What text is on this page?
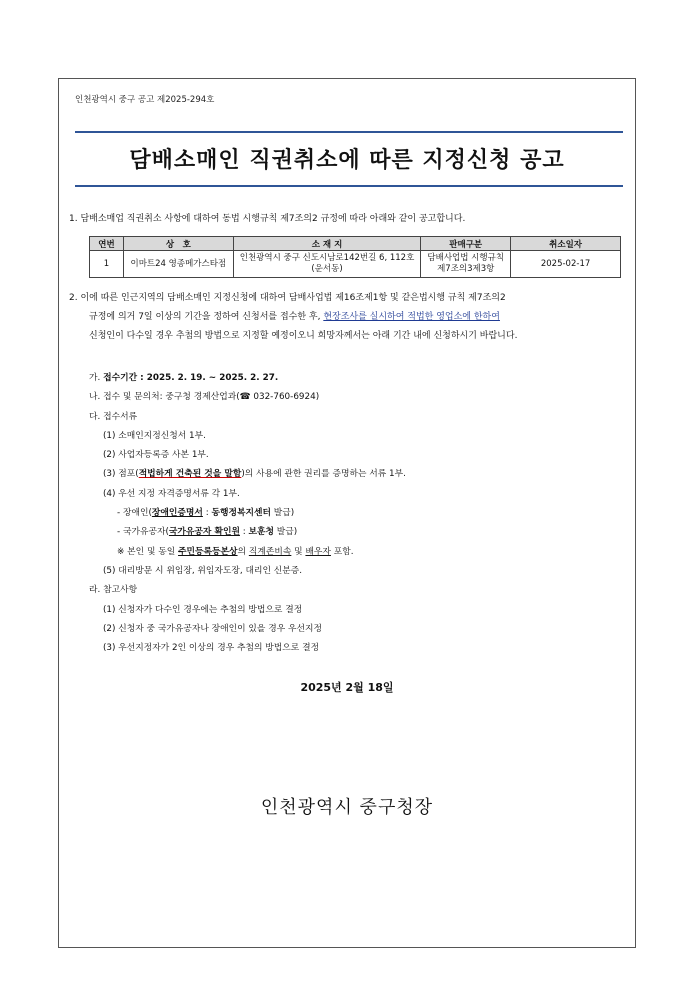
인천광역시 중구 공고 제2025-294호
담배소매인 직권취소에 따른 지정신청 공고
1. 담배소매업 직권취소 사항에 대하여 동법 시행규칙 제7조의2 규정에 따라 아래와 같이 공고합니다.
연번	상　호	소 재 지	판매구분	취소일자
1	이마트24 영종메가스타점	인천광역시 중구 신도시남로142번길 6, 112호 (운서동)	담배사업법 시행규칙 제7조의3제3항	2025-02-17
2. 이에 따른 인근지역의 담배소매인 지정신청에 대하여 담배사업법 제16조제1항 및 같은법시행 규칙 제7조의2
규정에 의거 7일 이상의 기간을 정하여 신청서를 접수한 후, 현장조사를 실시하여 적법한 영업소에 한하여
신청인이 다수일 경우 추첨의 방법으로 지정할 예정이오니 희망자께서는 아래 기간 내에 신청하시기 바랍니다.
가. 접수기간 : 2025. 2. 19. ~ 2025. 2. 27.
나. 접수 및 문의처: 중구청 경제산업과(☎ 032-760-6924)
다. 접수서류
(1) 소매인지정신청서 1부.
(2) 사업자등록증 사본 1부.
(3) 점포(적법하게 건축된 것을 말함)의 사용에 관한 권리를 증명하는 서류 1부.
(4) 우선 지정 자격증명서류 각 1부.
- 장애인(장애인증명서 : 동행정복지센터 발급)
- 국가유공자(국가유공자 확인원 : 보훈청 발급)
※ 본인 및 동일 주민등록등본상의 직계존비속 및 배우자 포함.
(5) 대리방문 시 위임장, 위임자도장, 대리인 신분증.
라. 참고사항
(1) 신청자가 다수인 경우에는 추첨의 방법으로 결정
(2) 신청자 중 국가유공자나 장애인이 있을 경우 우선지정
(3) 우선지정자가 2인 이상의 경우 추첨의 방법으로 결정
2025년 2월 18일
인천광역시 중구청장
